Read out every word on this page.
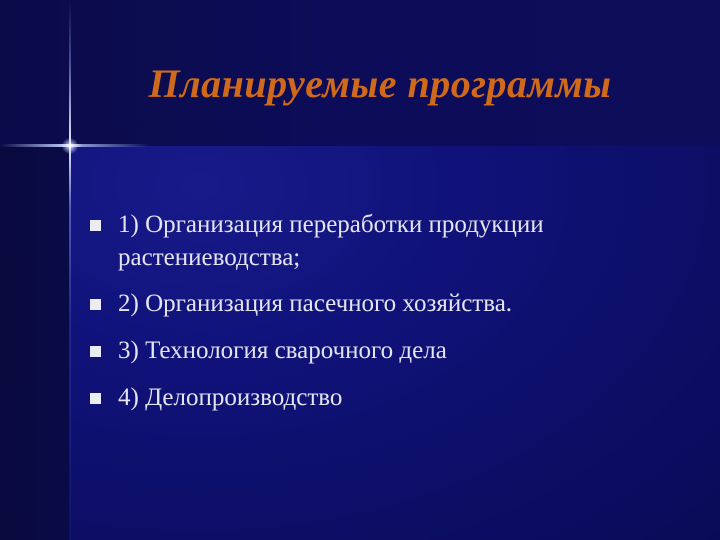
Планируемые программы
1) Организация переработки продукции растениеводства;
2) Организация пасечного хозяйства.
3) Технология сварочного дела
4) Делопроизводство
